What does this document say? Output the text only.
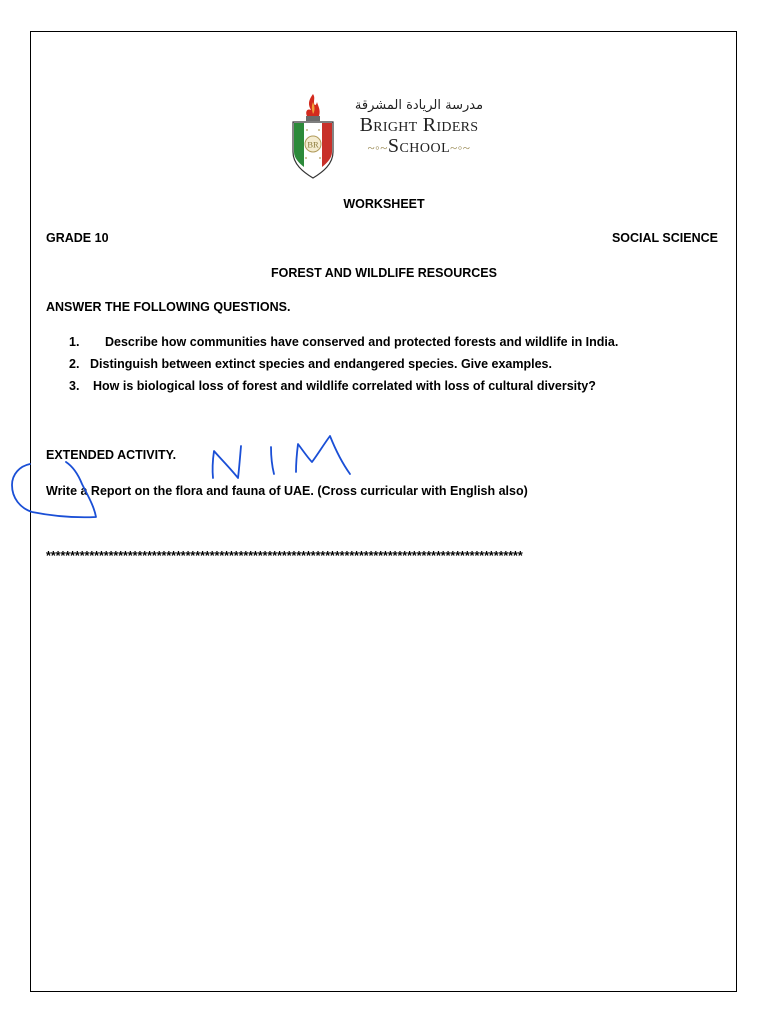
BR
مدرسة الريادة المشرقة
Bright Riders
~◦~School~◦~
WORKSHEET
GRADE 10	SOCIAL SCIENCE
FOREST AND WILDLIFE RESOURCES
ANSWER THE FOLLOWING QUESTIONS.
1. Describe how communities have conserved and protected forests and wildlife in India.
2. Distinguish between extinct species and endangered species. Give examples.
3. How is biological loss of forest and wildlife correlated with loss of cultural diversity?
EXTENDED ACTIVITY.
Write a Report on the flora and fauna of UAE. (Cross curricular with English also)
***************************************************************************************************
NIM
